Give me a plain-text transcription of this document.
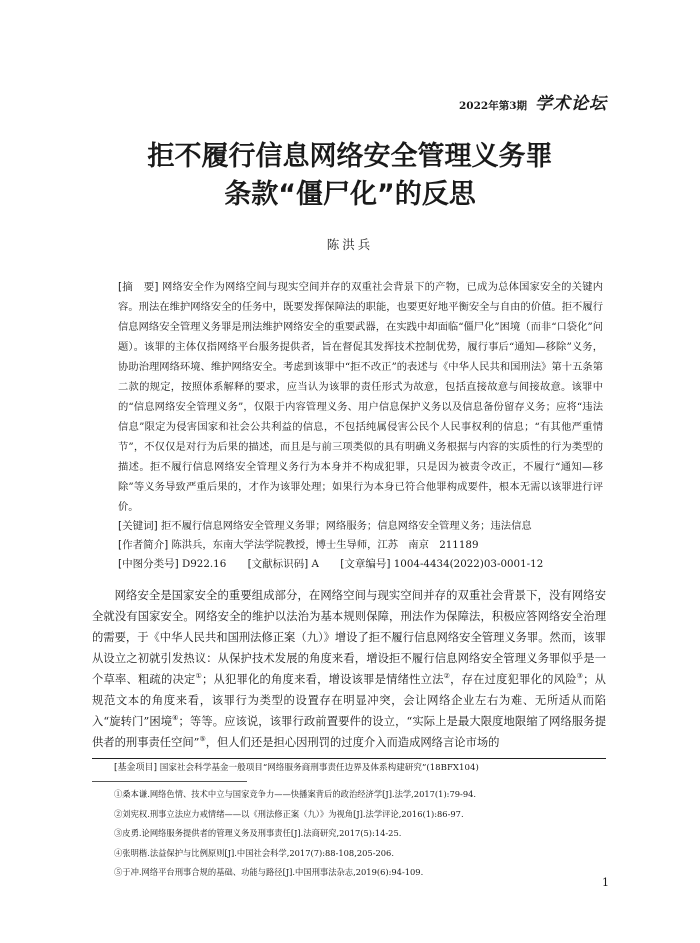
2022年第3期 学术论坛
拒不履行信息网络安全管理义务罪
条款“僵尸化”的反思
陈洪兵
[摘　要] 网络安全作为网络空间与现实空间并存的双重社会背景下的产物，已成为总体国家安全的关键内容。刑法在维护网络安全的任务中，既要发挥保障法的职能，也要更好地平衡安全与自由的价值。拒不履行信息网络安全管理义务罪是刑法维护网络安全的重要武器，在实践中却面临“僵尸化”困境（而非“口袋化”问题）。该罪的主体仅指网络平台服务提供者，旨在督促其发挥技术控制优势，履行事后“通知—移除”义务，协助治理网络环境、维护网络安全。考虑到该罪中“拒不改正”的表述与《中华人民共和国刑法》第十五条第二款的规定，按照体系解释的要求，应当认为该罪的责任形式为故意，包括直接故意与间接故意。该罪中的“信息网络安全管理义务”，仅限于内容管理义务、用户信息保护义务以及信息备份留存义务；应将“违法信息”限定为侵害国家和社会公共利益的信息，不包括纯属侵害公民个人民事权利的信息；“有其他严重情节”，不仅仅是对行为后果的描述，而且是与前三项类似的具有明确义务根据与内容的实质性的行为类型的描述。拒不履行信息网络安全管理义务行为本身并不构成犯罪，只是因为被责令改正，不履行“通知—移除”等义务导致严重后果的，才作为该罪处理；如果行为本身已符合他罪构成要件，根本无需以该罪进行评价。
[关键词] 拒不履行信息网络安全管理义务罪；网络服务；信息网络安全管理义务；违法信息
[作者简介] 陈洪兵，东南大学法学院教授，博士生导师，江苏　南京　211189
[中图分类号] D922.16 [文献标识码] A [文章编号] 1004-4434(2022)03-0001-12
网络安全是国家安全的重要组成部分，在网络空间与现实空间并存的双重社会背景下，没有网络安全就没有国家安全。网络安全的维护以法治为基本规则保障，刑法作为保障法，积极应答网络安全治理的需要，于《中华人民共和国刑法修正案（九）》增设了拒不履行信息网络安全管理义务罪。然而，该罪从设立之初就引发热议：从保护技术发展的角度来看，增设拒不履行信息网络安全管理义务罪似乎是一个草率、粗疏的决定①；从犯罪化的角度来看，增设该罪是情绪性立法②，存在过度犯罪化的风险③；从规范文本的角度来看，该罪行为类型的设置存在明显冲突，会让网络企业左右为难、无所适从而陷入“旋转门”困境④；等等。应该说，该罪行政前置要件的设立，“实际上是最大限度地限缩了网络服务提供者的刑事责任空间”⑤，但人们还是担心因刑罚的过度介入而造成网络言论市场的
[基金项目] 国家社会科学基金一般项目“网络服务商刑事责任边界及体系构建研究”(18BFX104)
①桑本谦.网络色情、技术中立与国家竞争力——快播案背后的政治经济学[J].法学,2017(1):79-94.
②刘宪权.刑事立法应力戒情绪——以《刑法修正案（九）》为视角[J].法学评论,2016(1):86-97.
③皮勇.论网络服务提供者的管理义务及刑事责任[J].法商研究,2017(5):14-25.
④张明楷.法益保护与比例原则[J].中国社会科学,2017(7):88-108,205-206.
⑤于冲.网络平台刑事合规的基础、功能与路径[J].中国刑事法杂志,2019(6):94-109.
1
